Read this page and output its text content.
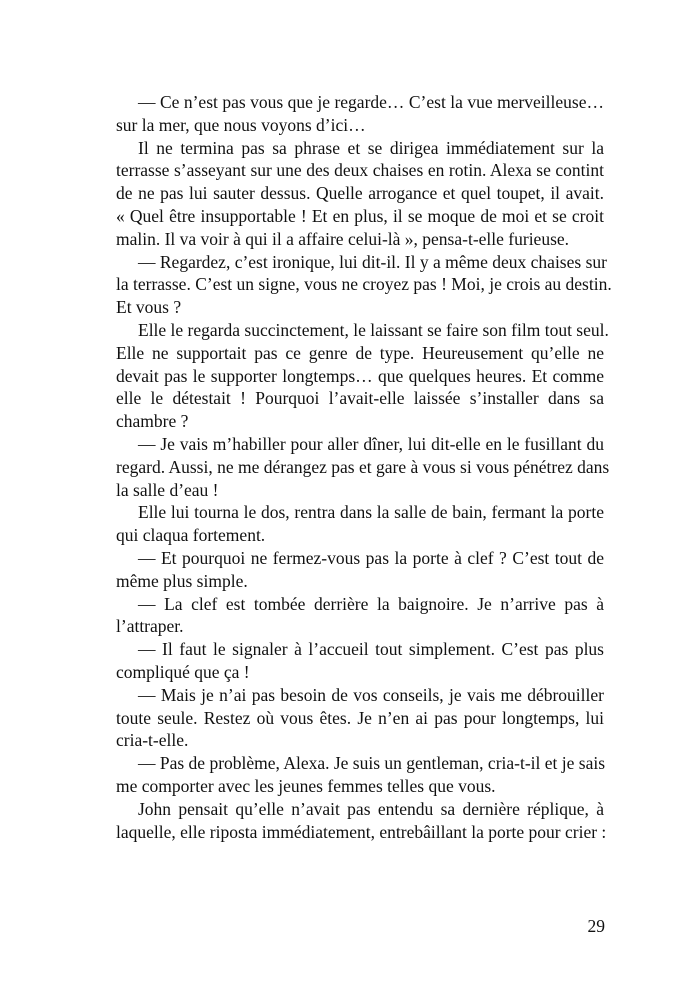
— Ce n’est pas vous que je regarde… C’est la vue merveilleuse…
sur la mer, que nous voyons d’ici…
Il ne termina pas sa phrase et se dirigea immédiatement sur la
terrasse s’asseyant sur une des deux chaises en rotin. Alexa se contint
de ne pas lui sauter dessus. Quelle arrogance et quel toupet, il avait.
« Quel être insupportable ! Et en plus, il se moque de moi et se croit
malin. Il va voir à qui il a affaire celui-là », pensa-t-elle furieuse.
— Regardez, c’est ironique, lui dit-il. Il y a même deux chaises sur
la terrasse. C’est un signe, vous ne croyez pas ! Moi, je crois au destin.
Et vous ?
Elle le regarda succinctement, le laissant se faire son film tout seul.
Elle ne supportait pas ce genre de type. Heureusement qu’elle ne
devait pas le supporter longtemps… que quelques heures. Et comme
elle le détestait ! Pourquoi l’avait-elle laissée s’installer dans sa
chambre ?
— Je vais m’habiller pour aller dîner, lui dit-elle en le fusillant du
regard. Aussi, ne me dérangez pas et gare à vous si vous pénétrez dans
la salle d’eau !
Elle lui tourna le dos, rentra dans la salle de bain, fermant la porte
qui claqua fortement.
— Et pourquoi ne fermez-vous pas la porte à clef ? C’est tout de
même plus simple.
— La clef est tombée derrière la baignoire. Je n’arrive pas à
l’attraper.
— Il faut le signaler à l’accueil tout simplement. C’est pas plus
compliqué que ça !
— Mais je n’ai pas besoin de vos conseils, je vais me débrouiller
toute seule. Restez où vous êtes. Je n’en ai pas pour longtemps, lui
cria-t-elle.
— Pas de problème, Alexa. Je suis un gentleman, cria-t-il et je sais
me comporter avec les jeunes femmes telles que vous.
John pensait qu’elle n’avait pas entendu sa dernière réplique, à
laquelle, elle riposta immédiatement, entrebâillant la porte pour crier :
29
